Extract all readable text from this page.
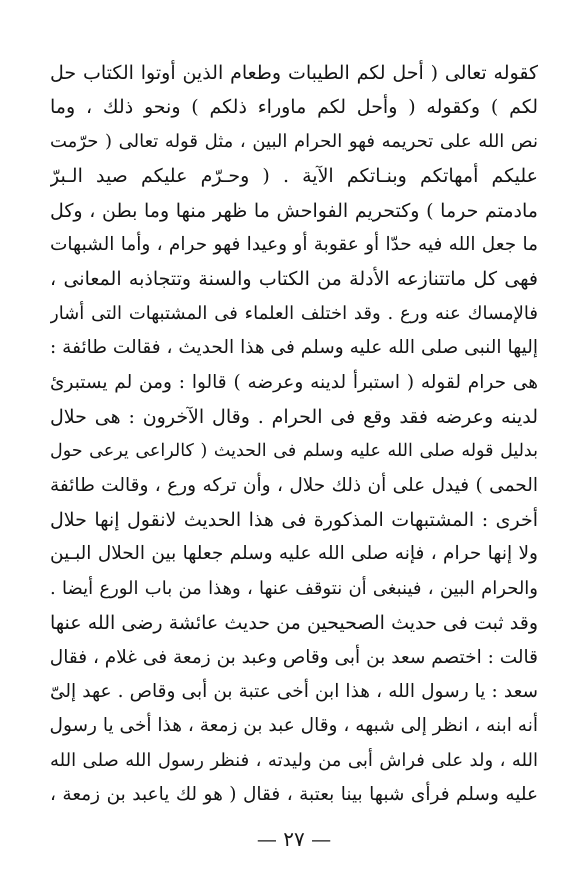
كقوله تعالى ( أحل لكم الطيبات وطعام الذين أوتوا الكتاب حل
لكم ) وكقوله ( وأحل لكم ماوراء ذلكم ) ونحو ذلك ، وما
نص الله على تحريمه فهو الحرام البين ، مثل قوله تعالى ( حرّمت
عليكم أمهاتكم وبنـاتكم الآية . ( وحـرّم عليكم صيد الـبرّ
مادمتم حرما ) وكتحريم الفواحش ما ظهر منها وما بطن ، وكل
ما جعل الله فيه حدّا أو عقوبة أو وعيدا فهو حرام ، وأما الشبهات
فهى كل ماتتنازعه الأدلة من الكتاب والسنة وتتجاذبه المعانى ،
فالإمساك عنه ورع . وقد اختلف العلماء فى المشتبهات التى أشار
إليها النبى صلى الله عليه وسلم فى هذا الحديث ، فقالت طائفة :
هى حرام لقوله ( استبرأ لدينه وعرضه ) قالوا : ومن لم يستبرئ
لدينه وعرضه فقد وقع فى الحرام . وقال الآخرون : هى حلال
بدليل قوله صلى الله عليه وسلم فى الحديث ( كالراعى يرعى حول
الحمى ) فيدل على أن ذلك حلال ، وأن تركه ورع ، وقالت طائفة
أخرى : المشتبهات المذكورة فى هذا الحديث لانقول إنها حلال
ولا إنها حرام ، فإنه صلى الله عليه وسلم جعلها بين الحلال البـين
والحرام البين ، فينبغى أن نتوقف عنها ، وهذا من باب الورع أيضا .
وقد ثبت فى حديث الصحيحين من حديث عائشة رضى الله عنها
قالت : اختصم سعد بن أبى وقاص وعبد بن زمعة فى غلام ، فقال
سعد : يا رسول الله ، هذا ابن أخى عتبة بن أبى وقاص . عهد إلىّ
أنه ابنه ، انظر إلى شبهه ، وقال عبد بن زمعة ، هذا أخى يا رسول
الله ، ولد على فراش أبى من وليدته ، فنظر رسول الله صلى الله
عليه وسلم فرأى شبها بينا بعتبة ، فقال ( هو لك ياعبد بن زمعة ،
— ٢٧ —
